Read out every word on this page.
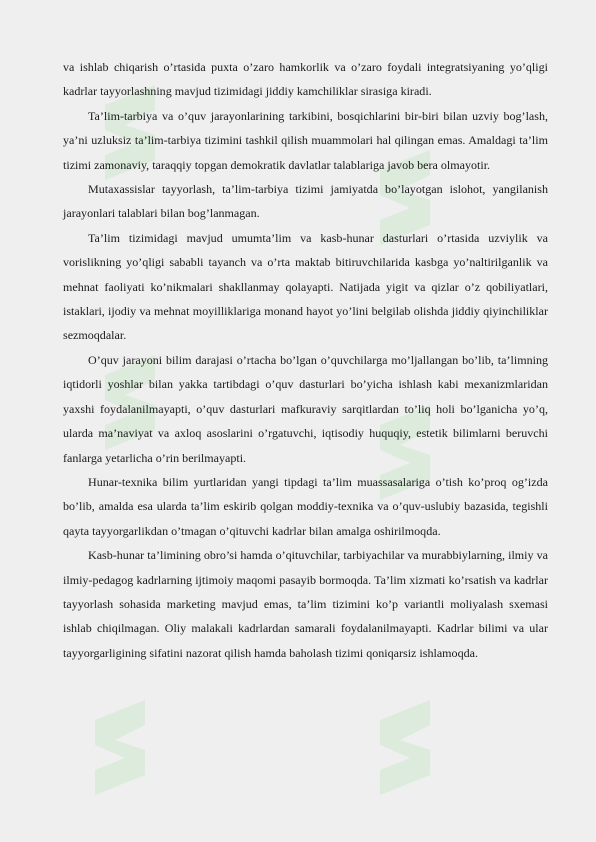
va ishlab chiqarish o’rtasida puxta o’zaro hamkorlik va o’zaro foydali integratsiyaning yo’qligi kadrlar tayyorlashning mavjud tizimidagi jiddiy kamchiliklar sirasiga kiradi.

Ta’lim-tarbiya va o’quv jarayonlarining tarkibini, bosqichlarini bir-biri bilan uzviy bog’lash, ya’ni uzluksiz ta’lim-tarbiya tizimini tashkil qilish muammolari hal qilingan emas. Amaldagi ta’lim tizimi zamonaviy, taraqqiy topgan demokratik davlatlar talablariga javob bera olmayotir.

Mutaxassislar tayyorlash, ta’lim-tarbiya tizimi jamiyatda bo’layotgan islohot, yangilanish jarayonlari talablari bilan bog’lanmagan.

Ta’lim tizimidagi mavjud umumta’lim va kasb-hunar dasturlari o’rtasida uzviylik va vorislikning yo’qligi sababli tayanch va o’rta maktab bitiruvchilarida kasbga yo’naltirilganlik va mehnat faoliyati ko’nikmalari shakllanmay qolayapti. Natijada yigit va qizlar o’z qobiliyatlari, istaklari, ijodiy va mehnat moyilliklariga monand hayot yo’lini belgilab olishda jiddiy qiyinchiliklar sezmoqdalar.

O’quv jarayoni bilim darajasi o’rtacha bo’lgan o’quvchilarga mo’ljallangan bo’lib, ta’limning iqtidorli yoshlar bilan yakka tartibdagi o’quv dasturlari bo’yicha ishlash kabi mexanizmlaridan yaxshi foydalanilmayapti, o’quv dasturlari mafkuraviy sarqitlardan to’liq holi bo’lganicha yo’q, ularda ma’naviyat va axloq asoslarini o’rgatuvchi, iqtisodiy huquqiy, estetik bilimlarni beruvchi fanlarga yetarlicha o’rin berilmayapti.

Hunar-texnika bilim yurtlaridan yangi tipdagi ta’lim muassasalariga o’tish ko’proq og’izda bo’lib, amalda esa ularda ta’lim eskirib qolgan moddiy-texnika va o’quv-uslubiy bazasida, tegishli qayta tayyorgarlikdan o’tmagan o’qituvchi kadrlar bilan amalga oshirilmoqda.

Kasb-hunar ta’limining obro’si hamda o’qituvchilar, tarbiyachilar va murabbiylarning, ilmiy va ilmiy-pedagog kadrlarning ijtimoiy maqomi pasayib bormoqda. Ta’lim xizmati ko’rsatish va kadrlar tayyorlash sohasida marketing mavjud emas, ta’lim tizimini ko’p variantli moliyalash sxemasi ishlab chiqilmagan. Oliy malakali kadrlardan samarali foydalanilmayapti. Kadrlar bilimi va ular tayyorgarligining sifatini nazorat qilish hamda baholash tizimi qoniqarsiz ishlamoqda.
